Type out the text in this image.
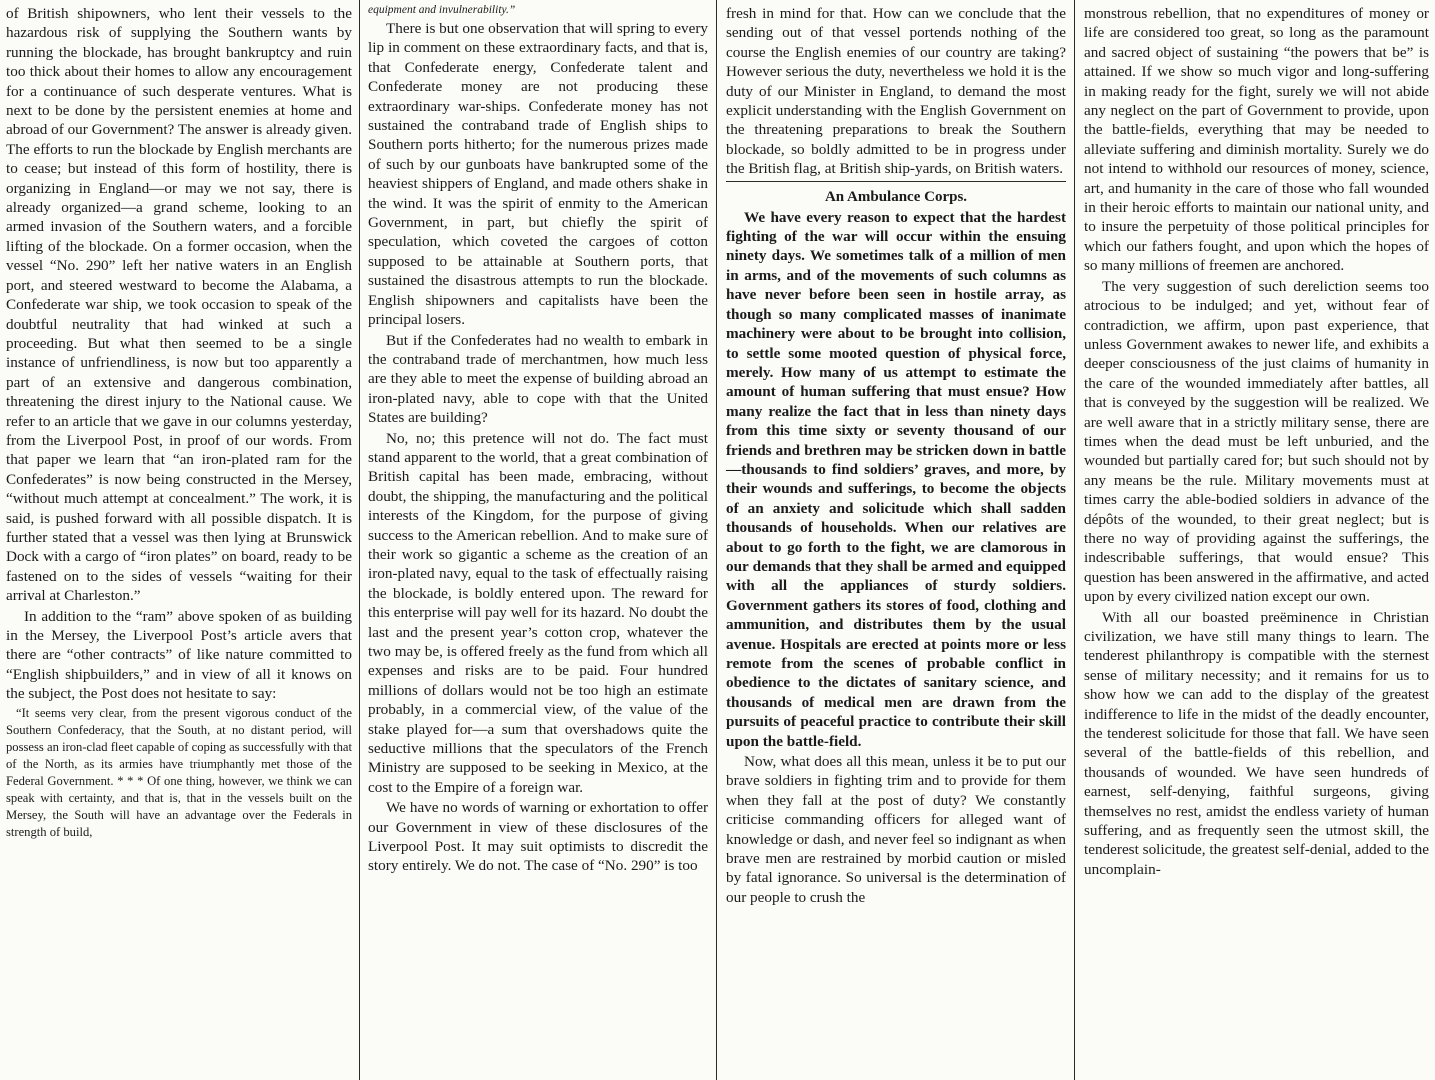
of British shipowners, who lent their vessels to the hazardous risk of supplying the Southern wants by running the blockade, has brought bankruptcy and ruin too thick about their homes to allow any encouragement for a continuance of such desperate ventures. What is next to be done by the persistent enemies at home and abroad of our Government? The answer is already given. The efforts to run the blockade by English merchants are to cease; but instead of this form of hostility, there is organizing in England—or may we not say, there is already organized—a grand scheme, looking to an armed invasion of the Southern waters, and a forcible lifting of the blockade. On a former occasion, when the vessel “No. 290” left her native waters in an English port, and steered westward to become the Alabama, a Confederate war ship, we took occasion to speak of the doubtful neutrality that had winked at such a proceeding. But what then seemed to be a single instance of unfriendliness, is now but too apparently a part of an extensive and dangerous combination, threatening the direst injury to the National cause. We refer to an article that we gave in our columns yesterday, from the Liverpool Post, in proof of our words. From that paper we learn that “an iron-plated ram for the Confederates” is now being constructed in the Mersey, “without much attempt at concealment.” The work, it is said, is pushed forward with all possible dispatch. It is further stated that a vessel was then lying at Brunswick Dock with a cargo of “iron plates” on board, ready to be fastened on to the sides of vessels “waiting for their arrival at Charleston.”

In addition to the “ram” above spoken of as building in the Mersey, the Liverpool Post’s article avers that there are “other contracts” of like nature committed to “English shipbuilders,” and in view of all it knows on the subject, the Post does not hesitate to say:

“It seems very clear, from the present vigorous conduct of the Southern Confederacy, that the South, at no distant period, will possess an iron-clad fleet capable of coping as successfully with that of the North, as its armies have triumphantly met those of the Federal Government. * * * Of one thing, however, we think we can speak with certainty, and that is, that in the vessels built on the Mersey, the South will have an advantage over the Federals in strength of build,

equipment and invulnerability.”

There is but one observation that will spring to every lip in comment on these extraordinary facts, and that is, that Confederate energy, Confederate talent and Confederate money are not producing these extraordinary war-ships. Confederate money has not sustained the contraband trade of English ships to Southern ports hitherto; for the numerous prizes made of such by our gunboats have bankrupted some of the heaviest shippers of England, and made others shake in the wind. It was the spirit of enmity to the American Government, in part, but chiefly the spirit of speculation, which coveted the cargoes of cotton supposed to be attainable at Southern ports, that sustained the disastrous attempts to run the blockade. English shipowners and capitalists have been the principal losers.

But if the Confederates had no wealth to embark in the contraband trade of merchantmen, how much less are they able to meet the expense of building abroad an iron-plated navy, able to cope with that the United States are building?

No, no; this pretence will not do. The fact must stand apparent to the world, that a great combination of British capital has been made, embracing, without doubt, the shipping, the manufacturing and the political interests of the Kingdom, for the purpose of giving success to the American rebellion. And to make sure of their work so gigantic a scheme as the creation of an iron-plated navy, equal to the task of effectually raising the blockade, is boldly entered upon. The reward for this enterprise will pay well for its hazard. No doubt the last and the present year’s cotton crop, whatever the two may be, is offered freely as the fund from which all expenses and risks are to be paid. Four hundred millions of dollars would not be too high an estimate probably, in a commercial view, of the value of the stake played for—a sum that overshadows quite the seductive millions that the speculators of the French Ministry are supposed to be seeking in Mexico, at the cost to the Empire of a foreign war.

We have no words of warning or exhortation to offer our Government in view of these disclosures of the Liverpool Post. It may suit optimists to discredit the story entirely. We do not. The case of “No. 290” is too

fresh in mind for that. How can we conclude that the sending out of that vessel portends nothing of the course the English enemies of our country are taking? However serious the duty, nevertheless we hold it is the duty of our Minister in England, to demand the most explicit understanding with the English Government on the threatening preparations to break the Southern blockade, so boldly admitted to be in progress under the British flag, at British ship-yards, on British waters.

An Ambulance Corps.

We have every reason to expect that the hardest fighting of the war will occur within the ensuing ninety days. We sometimes talk of a million of men in arms, and of the movements of such columns as have never before been seen in hostile array, as though so many complicated masses of inanimate machinery were about to be brought into collision, to settle some mooted question of physical force, merely. How many of us attempt to estimate the amount of human suffering that must ensue? How many realize the fact that in less than ninety days from this time sixty or seventy thousand of our friends and brethren may be stricken down in battle—thousands to find soldiers’ graves, and more, by their wounds and sufferings, to become the objects of an anxiety and solicitude which shall sadden thousands of households. When our relatives are about to go forth to the fight, we are clamorous in our demands that they shall be armed and equipped with all the appliances of sturdy soldiers. Government gathers its stores of food, clothing and ammunition, and distributes them by the usual avenue. Hospitals are erected at points more or less remote from the scenes of probable conflict in obedience to the dictates of sanitary science, and thousands of medical men are drawn from the pursuits of peaceful practice to contribute their skill upon the battle-field.

Now, what does all this mean, unless it be to put our brave soldiers in fighting trim and to provide for them when they fall at the post of duty? We constantly criticise commanding officers for alleged want of knowledge or dash, and never feel so indignant as when brave men are restrained by morbid caution or misled by fatal ignorance. So universal is the determination of our people to crush the

monstrous rebellion, that no expenditures of money or life are considered too great, so long as the paramount and sacred object of sustaining “the powers that be” is attained. If we show so much vigor and long-suffering in making ready for the fight, surely we will not abide any neglect on the part of Government to provide, upon the battle-fields, everything that may be needed to alleviate suffering and diminish mortality. Surely we do not intend to withhold our resources of money, science, art, and humanity in the care of those who fall wounded in their heroic efforts to maintain our national unity, and to insure the perpetuity of those political principles for which our fathers fought, and upon which the hopes of so many millions of freemen are anchored.

The very suggestion of such dereliction seems too atrocious to be indulged; and yet, without fear of contradiction, we affirm, upon past experience, that unless Government awakes to newer life, and exhibits a deeper consciousness of the just claims of humanity in the care of the wounded immediately after battles, all that is conveyed by the suggestion will be realized. We are well aware that in a strictly military sense, there are times when the dead must be left unburied, and the wounded but partially cared for; but such should not by any means be the rule. Military movements must at times carry the able-bodied soldiers in advance of the dépôts of the wounded, to their great neglect; but is there no way of providing against the sufferings, the indescribable sufferings, that would ensue? This question has been answered in the affirmative, and acted upon by every civilized nation except our own.

With all our boasted preëminence in Christian civilization, we have still many things to learn. The tenderest philanthropy is compatible with the sternest sense of military necessity; and it remains for us to show how we can add to the display of the greatest indifference to life in the midst of the deadly encounter, the tenderest solicitude for those that fall. We have seen several of the battle-fields of this rebellion, and thousands of wounded. We have seen hundreds of earnest, self-denying, faithful surgeons, giving themselves no rest, amidst the endless variety of human suffering, and as frequently seen the utmost skill, the tenderest solicitude, the greatest self-denial, added to the uncomplain-
